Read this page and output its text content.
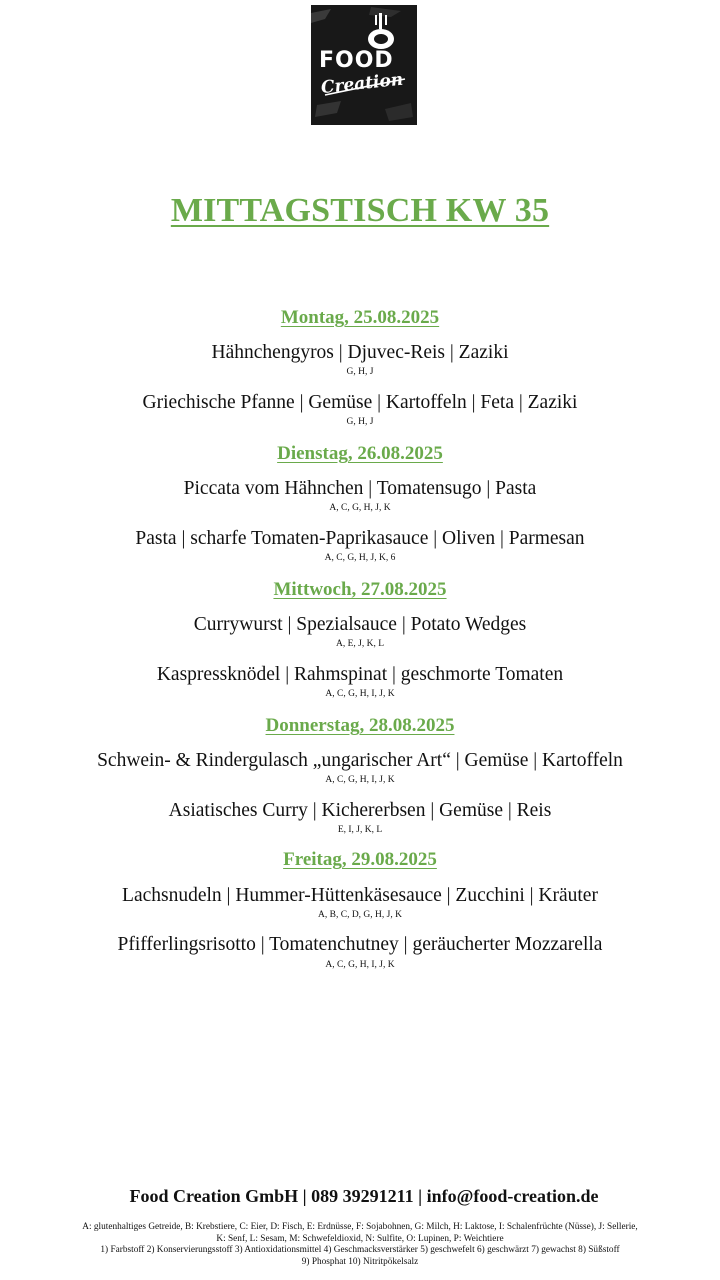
FOOD
Creation
MITTAGSTISCH KW 35
Montag, 25.08.2025
Hähnchengyros | Djuvec-Reis | Zaziki
G, H, J
Griechische Pfanne | Gemüse | Kartoffeln | Feta | Zaziki
G, H, J
Dienstag, 26.08.2025
Piccata vom Hähnchen | Tomatensugo | Pasta
A, C, G, H, J, K
Pasta | scharfe Tomaten-Paprikasauce | Oliven | Parmesan
A, C, G, H, J, K, 6
Mittwoch, 27.08.2025
Currywurst | Spezialsauce | Potato Wedges
A, E, J, K, L
Kaspressknödel | Rahmspinat | geschmorte Tomaten
A, C, G, H, I, J, K
Donnerstag, 28.08.2025
Schwein- & Rindergulasch „ungarischer Art“ | Gemüse | Kartoffeln
A, C, G, H, I, J, K
Asiatisches Curry | Kichererbsen | Gemüse | Reis
E, I, J, K, L
Freitag, 29.08.2025
Lachsnudeln | Hummer-Hüttenkäsesauce | Zucchini | Kräuter
A, B, C, D, G, H, J, K
Pfifferlingsrisotto | Tomatenchutney | geräucherter Mozzarella
A, C, G, H, I, J, K
Food Creation GmbH | 089 39291211 | info@food-creation.de
A: glutenhaltiges Getreide, B: Krebstiere, C: Eier, D: Fisch, E: Erdnüsse, F: Sojabohnen, G: Milch, H: Laktose, I: Schalenfrüchte (Nüsse), J: Sellerie,
K: Senf, L: Sesam, M: Schwefeldioxid, N: Sulfite, O: Lupinen, P: Weichtiere
1) Farbstoff 2) Konservierungsstoff 3) Antioxidationsmittel 4) Geschmacksverstärker 5) geschwefelt 6) geschwärzt 7) gewachst 8) Süßstoff
9) Phosphat 10) Nitritpökelsalz
